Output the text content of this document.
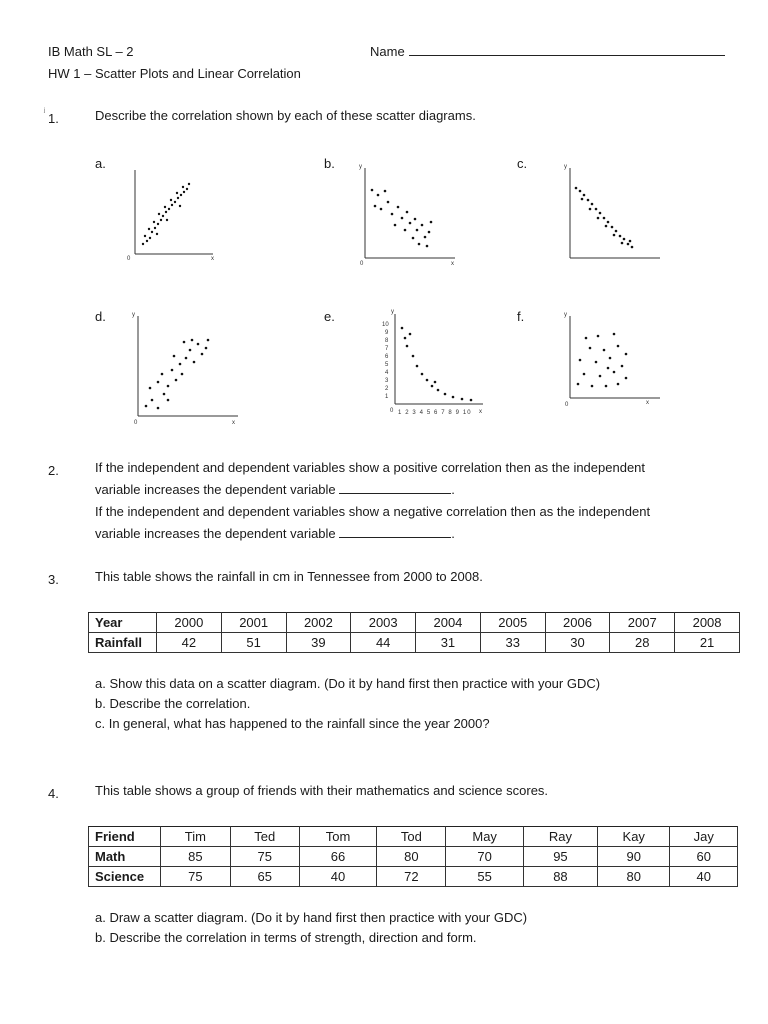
IB Math SL – 2
HW 1 – Scatter Plots and Linear Correlation
Name
ʲ 1.	Describe the correlation shown by each of these scatter diagrams.
a.	b.	c.
d.	e.	f.
0	x
y
0	x
y
y
0	x
y
10
9
8
7
6
5
4
3
2
1
0 1 2 3 4 5 6 7 8 9 10 x
y
0	x
2.	If the independent and dependent variables show a positive correlation then as the independent
variable increases the dependent variable	.
If the independent and dependent variables show a negative correlation then as the independent
variable increases the dependent variable	.
3.	This table shows the rainfall in cm in Tennessee from 2000 to 2008.
Year	2000	2001	2002	2003	2004	2005	2006	2007	2008
Rainfall	42	51	39	44	31	33	30	28	21
a. Show this data on a scatter diagram. (Do it by hand first then practice with your GDC)
b. Describe the correlation.
c. In general, what has happened to the rainfall since the year 2000?
4.	This table shows a group of friends with their mathematics and science scores.
Friend	Tim	Ted	Tom	Tod	May	Ray	Kay	Jay
Math	85	75	66	80	70	95	90	60
Science	75	65	40	72	55	88	80	40
a. Draw a scatter diagram. (Do it by hand first then practice with your GDC)
b. Describe the correlation in terms of strength, direction and form.
